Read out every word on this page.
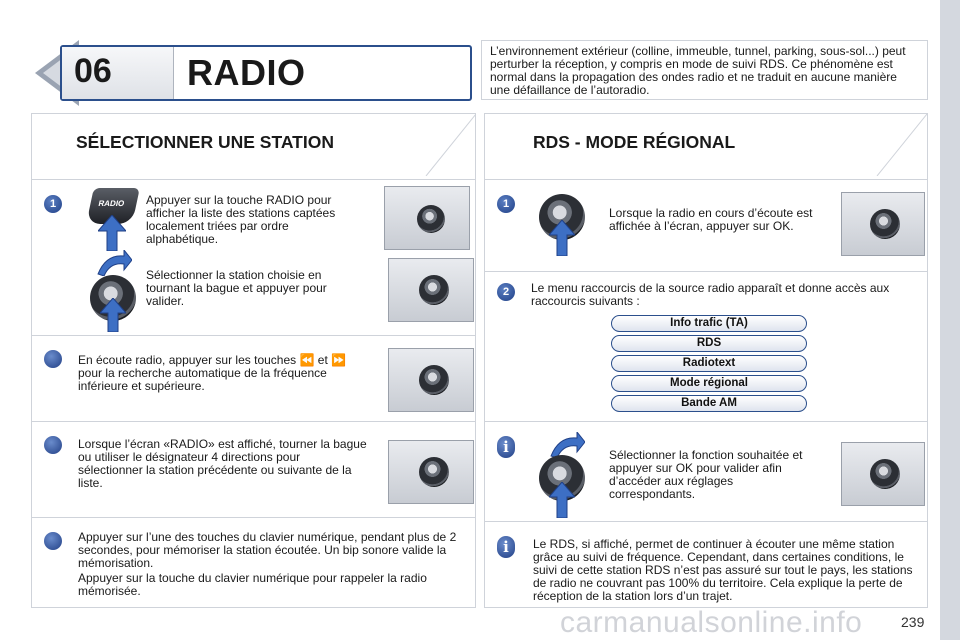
06	RADIO
L’environnement extérieur (colline, immeuble, tunnel, parking, sous-sol...) peut perturber la réception, y compris en mode de suivi RDS. Ce phénomène est normal dans la propagation des ondes radio et ne traduit en aucune manière une défaillance de l’autoradio.
SÉLECTIONNER UNE STATION
1	RADIO Appuyer sur la touche RADIO pour afficher la liste des stations captées localement triées par ordre alphabétique.
Sélectionner la station choisie en tournant la bague et appuyer pour valider.
En écoute radio, appuyer sur les touches ⏪ et ⏩ pour la recherche automatique de la fréquence inférieure et supérieure.
Lorsque l’écran «RADIO» est affiché, tourner la bague ou utiliser le désignateur 4 directions pour sélectionner la station précédente ou suivante de la liste.
Appuyer sur l’une des touches du clavier numérique, pendant plus de 2 secondes, pour mémoriser la station écoutée. Un bip sonore valide la mémorisation.
Appuyer sur la touche du clavier numérique pour rappeler la radio mémorisée.
RDS - MODE RÉGIONAL
1
Lorsque la radio en cours d’écoute est affichée à l’écran, appuyer sur OK.
2	Le menu raccourcis de la source radio apparaît et donne accès aux raccourcis suivants :
Info trafic (TA)
RDS
Radiotext
Mode régional
Bande AM
i	Sélectionner la fonction souhaitée et appuyer sur OK pour valider afin d’accéder aux réglages correspondants.
i	Le RDS, si affiché, permet de continuer à écouter une même station grâce au suivi de fréquence. Cependant, dans certaines conditions, le suivi de cette station RDS n’est pas assuré sur tout le pays, les stations de radio ne couvrant pas 100% du territoire. Cela explique la perte de réception de la station lors d’un trajet.
carmanualsonline.info	239
